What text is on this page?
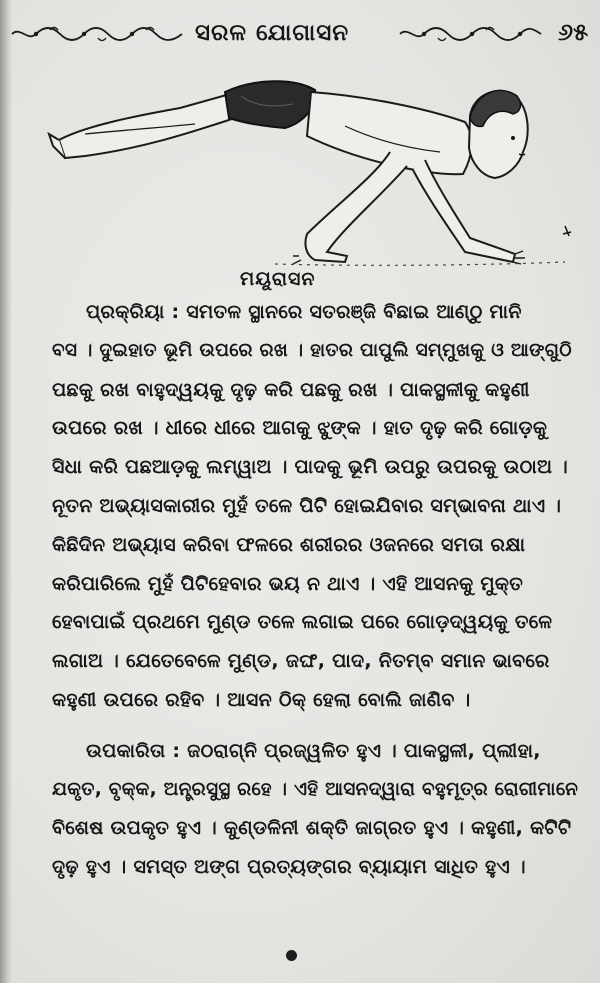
ସରଳ ଯୋଗାସନ	୬୫
ମୟୂରାସନ
ପ୍ରକ୍ରିୟା : ସମତଳ ସ୍ଥାନରେ ସତରଞ୍ଜି ବିଛାଇ ଆଣ୍ଠୁ ମାନି
ବସ । ଦୁଇହାତ ଭୂମି ଉପରେ ରଖ । ହାତର ପାପୁଲି ସମ୍ମୁଖକୁ ଓ ଆଙ୍ଗୁଠି
ପଛକୁ ରଖ ବାହୁଦ୍ୱୟକୁ ଦୃଢ଼ କରି ପଛକୁ ରଖ । ପାକସ୍ଥଳୀକୁ କହୁଣୀ
ଉପରେ ରଖ । ଧୀରେ ଧୀରେ ଆଗକୁ ଝୁଙ୍କ । ହାତ ଦୃଢ଼ କରି ଗୋଡ଼କୁ
ସିଧା କରି ପଛଆଡ଼କୁ ଲମ୍ୱାଅ । ପାଦକୁ ଭୂମି ଉପରୁ ଉପରକୁ ଉଠାଅ ।
ନୂତନ ଅଭ୍ୟାସକାରୀର ମୁହଁ ତଳେ ପିଟି ହୋଇଯିବାର ସମ୍ଭାବନା ଥାଏ ।
କିଛିଦିନ ଅଭ୍ୟାସ କରିବା ଫଳରେ ଶରୀରର ଓଜନରେ ସମତା ରକ୍ଷା
କରିପାରିଲେ ମୁହଁ ପିଟିହେବାର ଭୟ ନ ଥାଏ । ଏହି ଆସନକୁ ମୁକ୍ତ
ହେବାପାଇଁ ପ୍ରଥମେ ମୁଣ୍ଡ ତଳେ ଲଗାଇ ପରେ ଗୋଡ଼ଦ୍ୱୟକୁ ତଳେ
ଲଗାଅ । ଯେତେବେଳେ ମୁଣ୍ଡ, ଜଙ୍ଘ, ପାଦ, ନିତମ୍ବ ସମାନ ଭାବରେ
କହୁଣୀ ଉପରେ ରହିବ । ଆସନ ଠିକ୍ ହେଲା ବୋଲି ଜାଣିବ ।
ଉପକାରିତା : ଜଠରାଗ୍ନି ପ୍ରଜ୍ୱଳିତ ହୁଏ । ପାକସ୍ଥଳୀ, ପ୍ଲୀହା,
ଯକୃତ, ବୃକ୍କ, ଅନ୍ତ୍ରସୁସ୍ଥ ରହେ । ଏହି ଆସନଦ୍ୱାରା ବହୁମୂତ୍ର ରୋଗୀମାନେ
ବିଶେଷ ଉପକୃତ ହୁଏ । କୁଣ୍ଡଳିନୀ ଶକ୍ତି ଜାଗ୍ରତ ହୁଏ । କହୁଣୀ, କଟିଟି
ଦୃଢ଼ ହୁଏ । ସମସ୍ତ ଅଙ୍ଗ ପ୍ରତ୍ୟଙ୍ଗର ବ୍ୟାୟାମ ସାଧିତ ହୁଏ ।
